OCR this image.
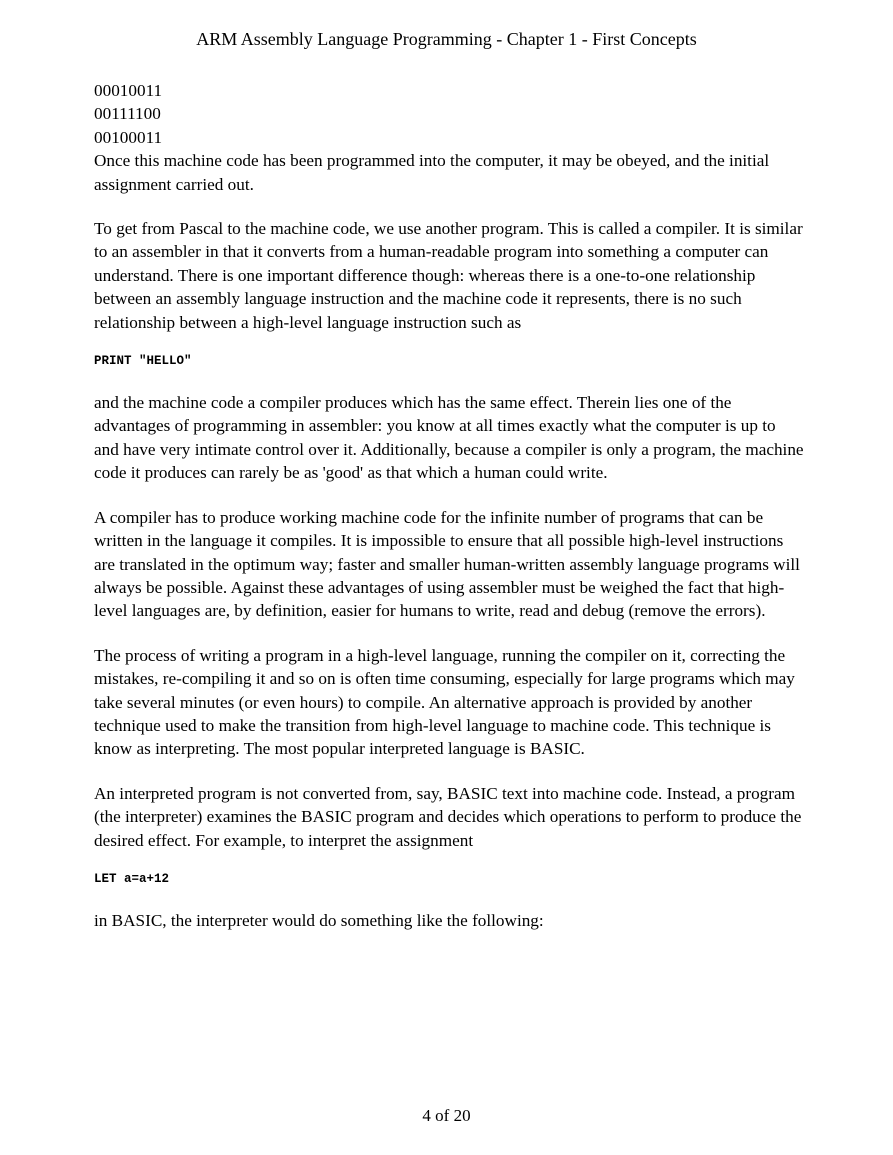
ARM Assembly Language Programming - Chapter 1 - First Concepts
00010011
00111100
00100011

Once this machine code has been programmed into the computer, it may be obeyed, and the initial assignment carried out.

To get from Pascal to the machine code, we use another program. This is called a compiler. It is similar to an assembler in that it converts from a human-readable program into something a computer can understand. There is one important difference though: whereas there is a one-to-one relationship between an assembly language instruction and the machine code it represents, there is no such relationship between a high-level language instruction such as

PRINT "HELLO"

and the machine code a compiler produces which has the same effect. Therein lies one of the advantages of programming in assembler: you know at all times exactly what the computer is up to and have very intimate control over it. Additionally, because a compiler is only a program, the machine code it produces can rarely be as 'good' as that which a human could write.

A compiler has to produce working machine code for the infinite number of programs that can be written in the language it compiles. It is impossible to ensure that all possible high-level instructions are translated in the optimum way; faster and smaller human-written assembly language programs will always be possible. Against these advantages of using assembler must be weighed the fact that high-level languages are, by definition, easier for humans to write, read and debug (remove the errors).

The process of writing a program in a high-level language, running the compiler on it, correcting the mistakes, re-compiling it and so on is often time consuming, especially for large programs which may take several minutes (or even hours) to compile. An alternative approach is provided by another technique used to make the transition from high-level language to machine code. This technique is know as interpreting. The most popular interpreted language is BASIC.

An interpreted program is not converted from, say, BASIC text into machine code. Instead, a program (the interpreter) examines the BASIC program and decides which operations to perform to produce the desired effect. For example, to interpret the assignment

LET a=a+12

in BASIC, the interpreter would do something like the following:

4 of 20
